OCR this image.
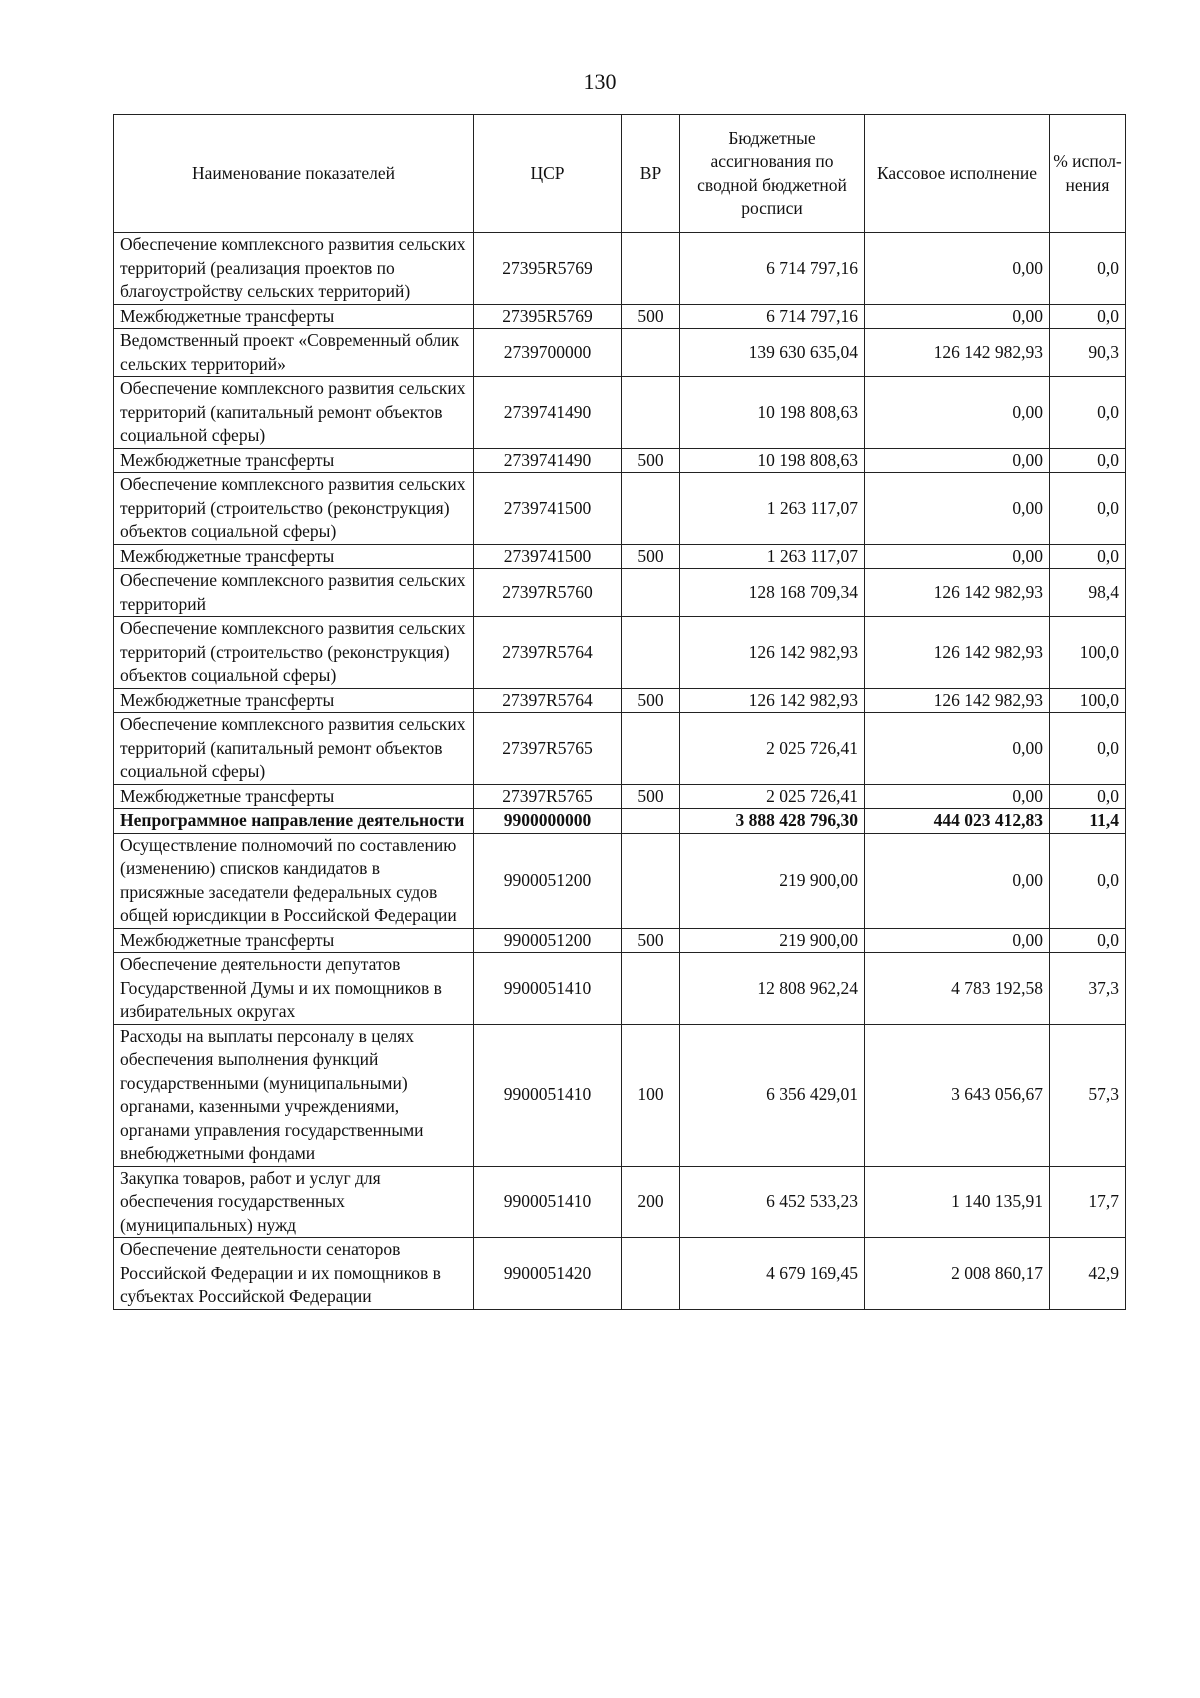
130
Наименование показателей	ЦСР	ВР	Бюджетные ассигнования по сводной бюджетной росписи	Кассовое исполнение	% испол- нения
Обеспечение комплексного развития сельских территорий (реализация проектов по благоустройству сельских территорий)	27395R5769		6 714 797,16	0,00	0,0
Межбюджетные трансферты	27395R5769	500	6 714 797,16	0,00	0,0
Ведомственный проект «Современный облик сельских территорий»	2739700000		139 630 635,04	126 142 982,93	90,3
Обеспечение комплексного развития сельских территорий (капитальный ремонт объектов социальной сферы)	2739741490		10 198 808,63	0,00	0,0
Межбюджетные трансферты	2739741490	500	10 198 808,63	0,00	0,0
Обеспечение комплексного развития сельских территорий (строительство (реконструкция) объектов социальной сферы)	2739741500		1 263 117,07	0,00	0,0
Межбюджетные трансферты	2739741500	500	1 263 117,07	0,00	0,0
Обеспечение комплексного развития сельских территорий	27397R5760		128 168 709,34	126 142 982,93	98,4
Обеспечение комплексного развития сельских территорий (строительство (реконструкция) объектов социальной сферы)	27397R5764		126 142 982,93	126 142 982,93	100,0
Межбюджетные трансферты	27397R5764	500	126 142 982,93	126 142 982,93	100,0
Обеспечение комплексного развития сельских территорий (капитальный ремонт объектов социальной сферы)	27397R5765		2 025 726,41	0,00	0,0
Межбюджетные трансферты	27397R5765	500	2 025 726,41	0,00	0,0
Непрограммное направление деятельности	9900000000		3 888 428 796,30	444 023 412,83	11,4
Осуществление полномочий по составлению (изменению) списков кандидатов в присяжные заседатели федеральных судов общей юрисдикции в Российской Федерации	9900051200		219 900,00	0,00	0,0
Межбюджетные трансферты	9900051200	500	219 900,00	0,00	0,0
Обеспечение деятельности депутатов Государственной Думы и их помощников в избирательных округах	9900051410		12 808 962,24	4 783 192,58	37,3
Расходы на выплаты персоналу в целях обеспечения выполнения функций государственными (муниципальными) органами, казенными учреждениями, органами управления государственными внебюджетными фондами	9900051410	100	6 356 429,01	3 643 056,67	57,3
Закупка товаров, работ и услуг для обеспечения государственных (муниципальных) нужд	9900051410	200	6 452 533,23	1 140 135,91	17,7
Обеспечение деятельности сенаторов Российской Федерации и их помощников в субъектах Российской Федерации	9900051420		4 679 169,45	2 008 860,17	42,9
